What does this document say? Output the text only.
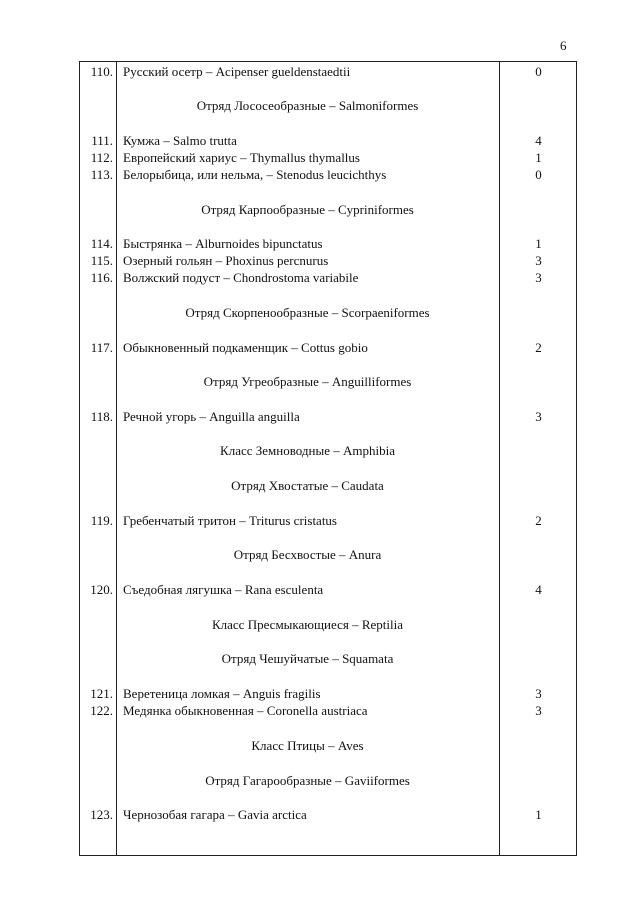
6
110. Русский осетр – Acipenser gueldenstaedtii	0
Отряд Лососеобразные – Salmoniformes
111. Кумжа – Salmo trutta	4
112. Европейский хариус – Thymallus thymallus	1
113. Белорыбица, или нельма, – Stenodus leucichthys	0
Отряд Карпообразные – Cypriniformes
114. Быстрянка – Alburnoides bipunctatus	1
115. Озерный гольян – Phoxinus percnurus	3
116. Волжский подуст – Chondrostoma variabile	3
Отряд Скорпенообразные – Scorpaeniformes
117. Обыкновенный подкаменщик – Cottus gobio	2
Отряд Угреобразные – Anguilliformes
118. Речной угорь – Anguilla anguilla	3
Класс Земноводные – Amphibia
Отряд Хвостатые – Caudata
119. Гребенчатый тритон – Triturus cristatus	2
Отряд Бесхвостые – Anura
120. Съедобная лягушка – Rana esculenta	4
Класс Пресмыкающиеся – Reptilia
Отряд Чешуйчатые – Squamata
121. Веретеница ломкая – Anguis fragilis	3
122. Медянка обыкновенная – Coronella austriaca	3
Класс Птицы – Aves
Отряд Гагарообразные – Gaviiformes
123. Чернозобая гагара – Gavia arctica	1
